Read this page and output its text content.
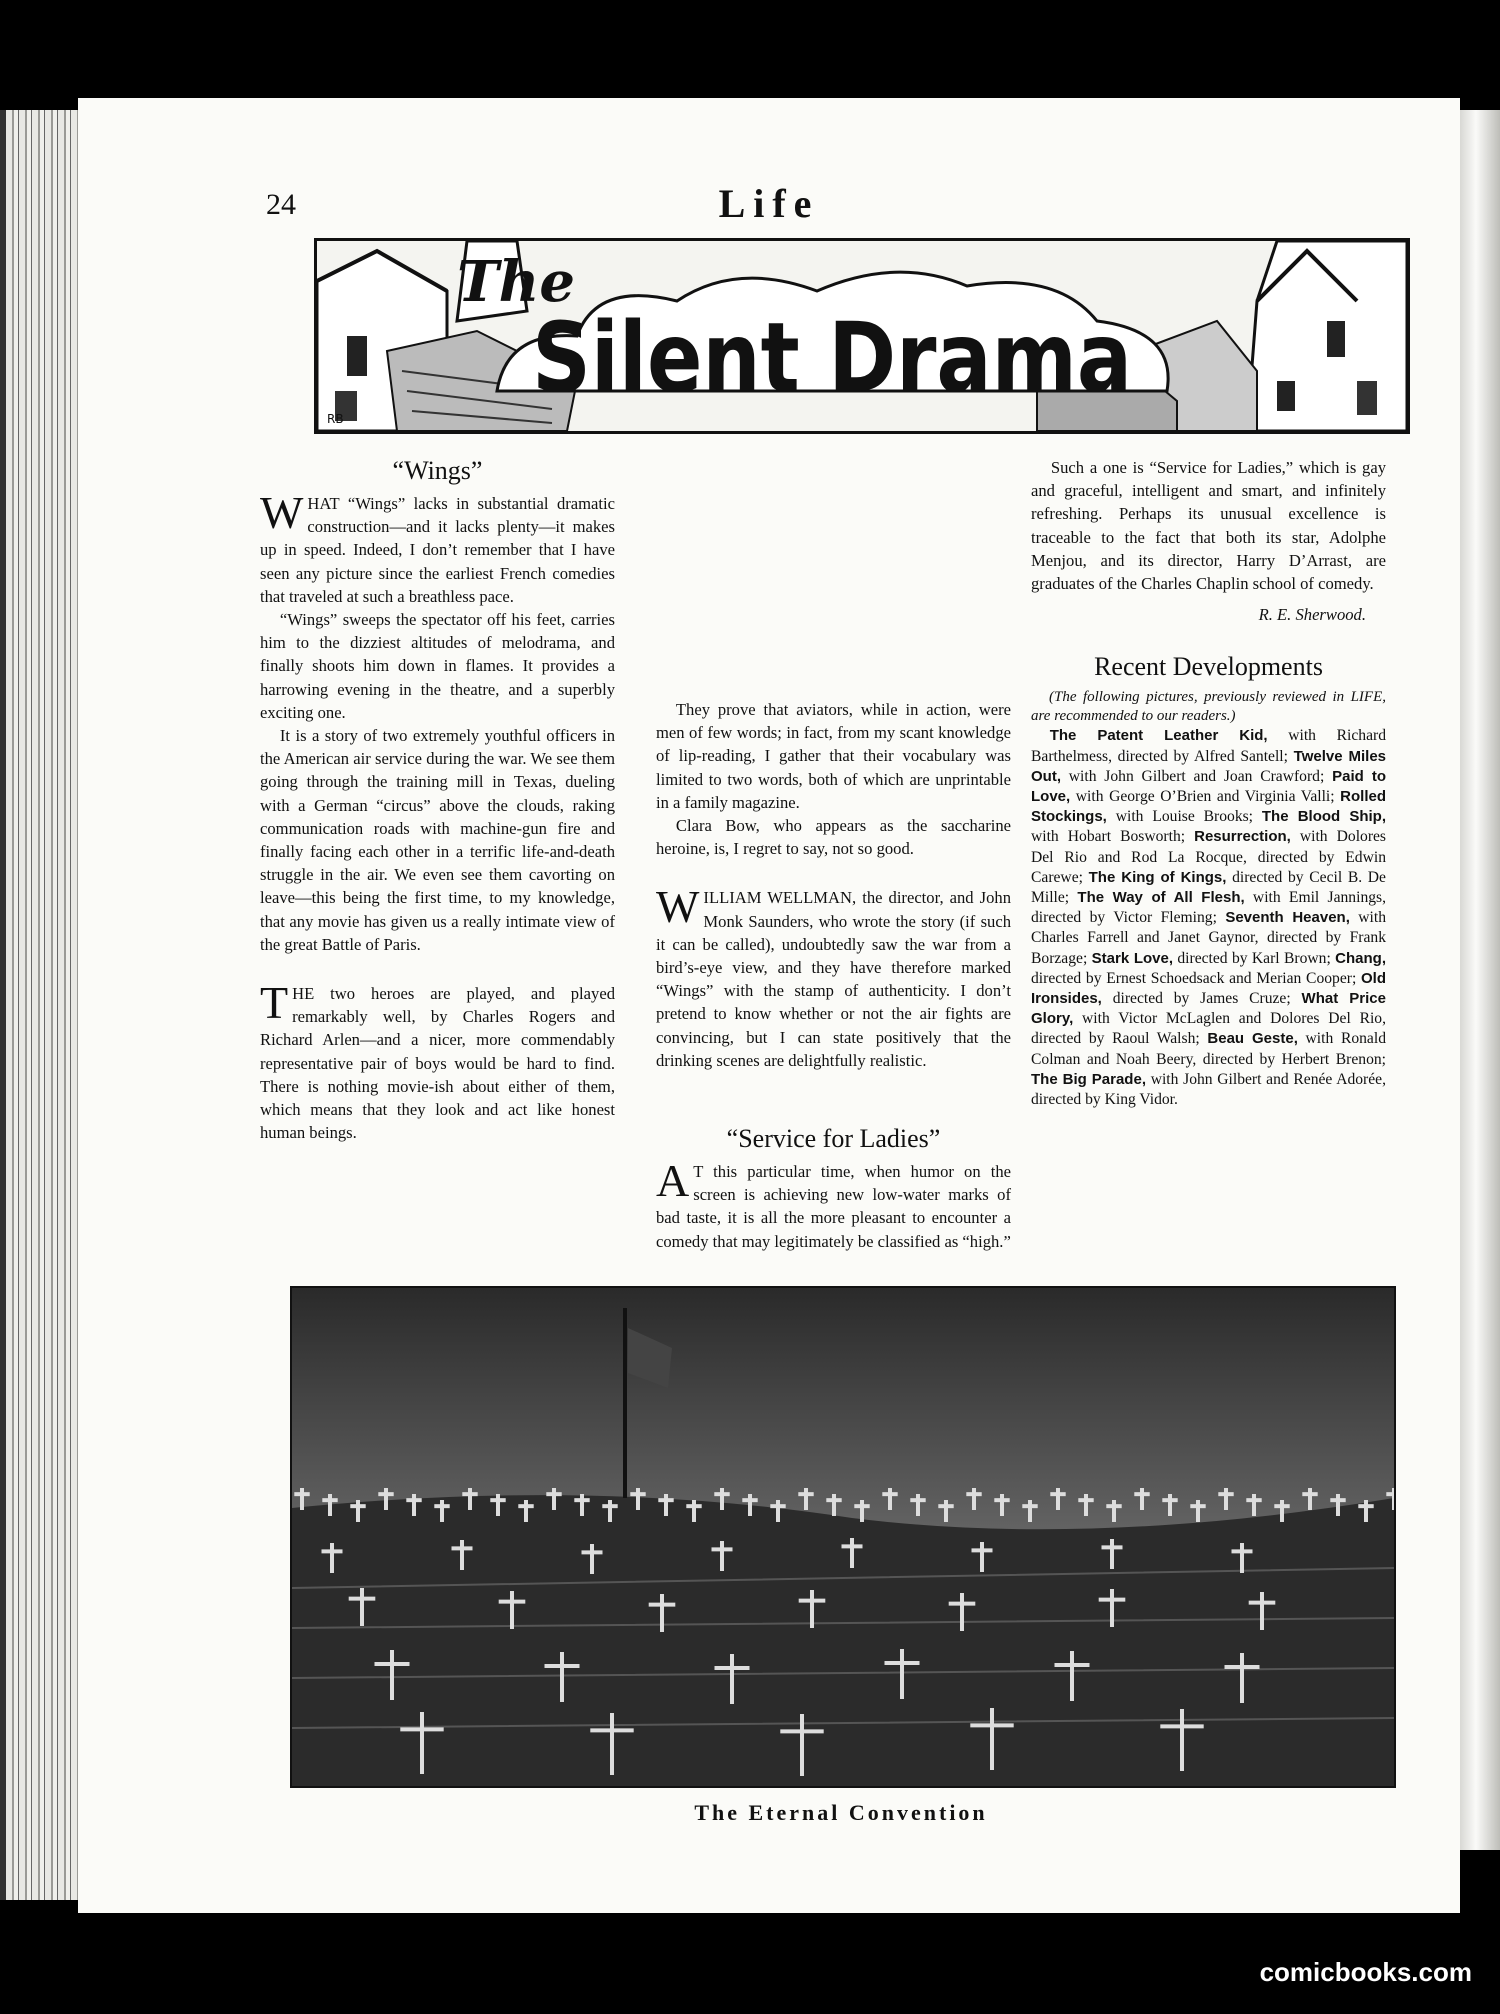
24	Life
The
Silent Drama
RB
“Wings”

WHAT “Wings” lacks in substantial dramatic construction—and it lacks plenty—it makes up in speed. Indeed, I don’t remember that I have seen any picture since the earliest French comedies that traveled at such a breathless pace.

“Wings” sweeps the spectator off his feet, carries him to the dizziest altitudes of melodrama, and finally shoots him down in flames. It provides a harrowing evening in the theatre, and a superbly exciting one.

It is a story of two extremely youthful officers in the American air service during the war. We see them going through the training mill in Texas, dueling with a German “circus” above the clouds, raking communication roads with machine-gun fire and finally facing each other in a terrific life-and-death struggle in the air. We even see them cavorting on leave—this being the first time, to my knowledge, that any movie has given us a really intimate view of the great Battle of Paris.

THE two heroes are played, and played remarkably well, by Charles Rogers and Richard Arlen—and a nicer, more commendably representative pair of boys would be hard to find. There is nothing movie-ish about either of them, which means that they look and act like honest human beings.

They prove that aviators, while in action, were men of few words; in fact, from my scant knowledge of lip-reading, I gather that their vocabulary was limited to two words, both of which are unprintable in a family magazine.

Clara Bow, who appears as the saccharine heroine, is, I regret to say, not so good.

WILLIAM WELLMAN, the director, and John Monk Saunders, who wrote the story (if such it can be called), undoubtedly saw the war from a bird’s-eye view, and they have therefore marked “Wings” with the stamp of authenticity. I don’t pretend to know whether or not the air fights are convincing, but I can state positively that the drinking scenes are delightfully realistic.

“Service for Ladies”

AT this particular time, when humor on the screen is achieving new low-water marks of bad taste, it is all the more pleasant to encounter a comedy that may legitimately be classified as “high.”

Such a one is “Service for Ladies,” which is gay and graceful, intelligent and smart, and infinitely refreshing. Perhaps its unusual excellence is traceable to the fact that both its star, Adolphe Menjou, and its director, Harry D’Arrast, are graduates of the Charles Chaplin school of comedy.

R. E. Sherwood.
Recent Developments

(The following pictures, previously reviewed in LIFE, are recommended to our readers.)

The Patent Leather Kid, with Richard Barthelmess, directed by Alfred Santell; Twelve Miles Out, with John Gilbert and Joan Crawford; Paid to Love, with George O’Brien and Virginia Valli; Rolled Stockings, with Louise Brooks; The Blood Ship, with Hobart Bosworth; Resurrection, with Dolores Del Rio and Rod La Rocque, directed by Edwin Carewe; The King of Kings, directed by Cecil B. De Mille; The Way of All Flesh, with Emil Jannings, directed by Victor Fleming; Seventh Heaven, with Charles Farrell and Janet Gaynor, directed by Frank Borzage; Stark Love, directed by Karl Brown; Chang, directed by Ernest Schoedsack and Merian Cooper; Old Ironsides, directed by James Cruze; What Price Glory, with Victor McLaglen and Dolores Del Rio, directed by Raoul Walsh; Beau Geste, with Ronald Colman and Noah Beery, directed by Herbert Brenon; The Big Parade, with John Gilbert and Renée Adorée, directed by King Vidor.

The Eternal Convention
comicbooks.com
